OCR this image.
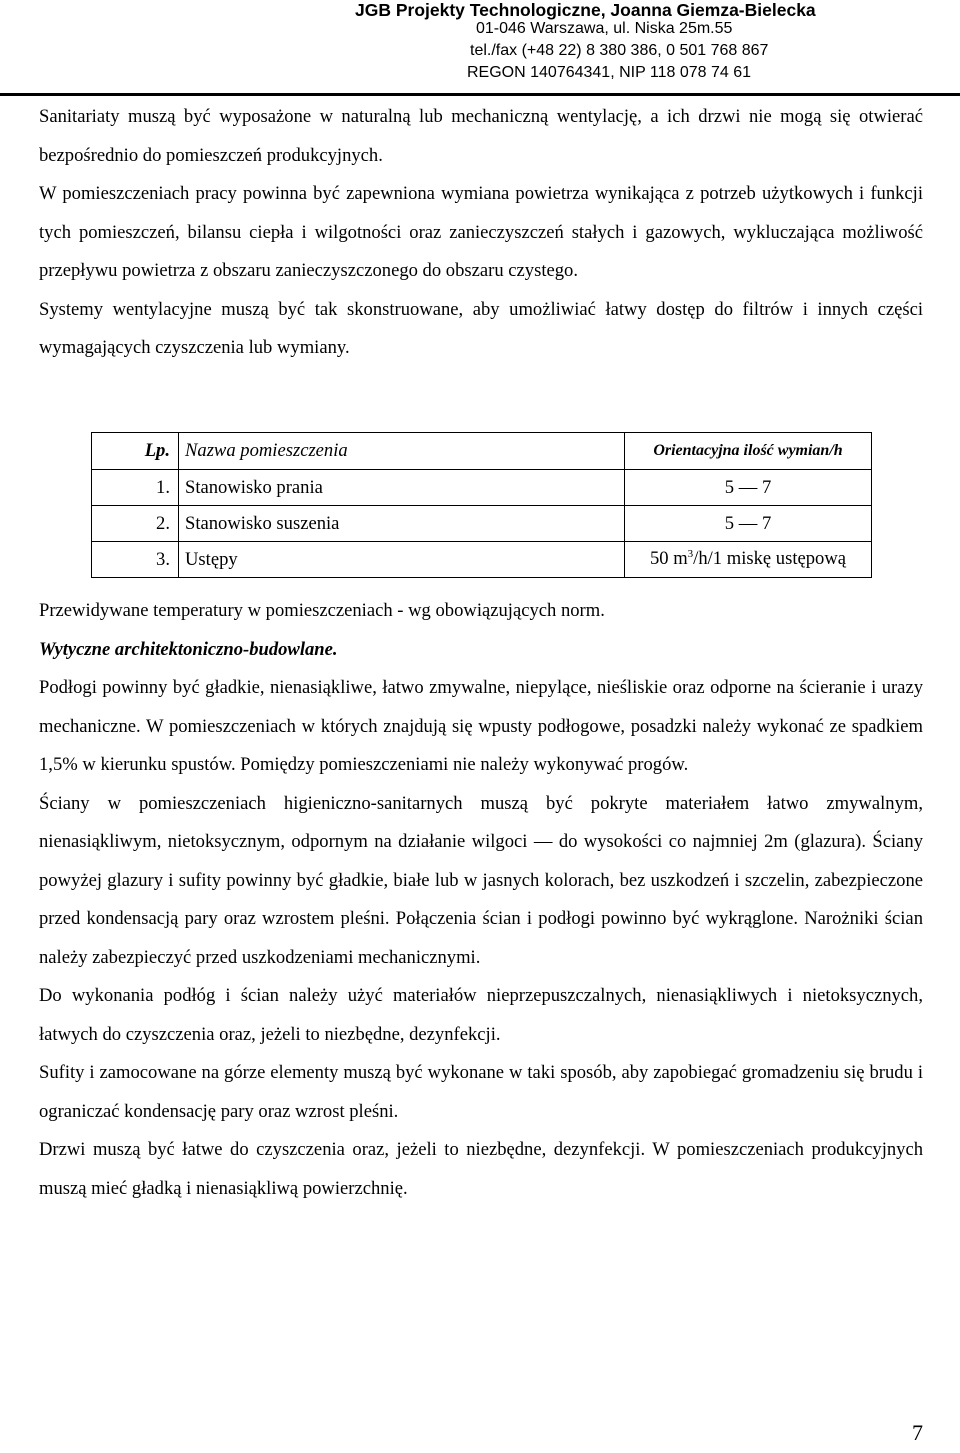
JGB Projekty Technologiczne, Joanna Giemza-Bielecka
01-046 Warszawa, ul. Niska 25m.55
tel./fax (+48 22) 8 380 386, 0 501 768 867
REGON 140764341, NIP 118 078 74 61

Sanitariaty muszą być wyposażone w naturalną lub mechaniczną wentylację, a ich drzwi nie mogą się otwierać bezpośrednio do pomieszczeń produkcyjnych.

W pomieszczeniach pracy powinna być zapewniona wymiana powietrza wynikająca z potrzeb użytkowych i funkcji tych pomieszczeń, bilansu ciepła i wilgotności oraz zanieczyszczeń stałych i gazowych, wykluczająca możliwość przepływu powietrza z obszaru zanieczyszczonego do obszaru czystego.

Systemy wentylacyjne muszą być tak skonstruowane, aby umożliwiać łatwy dostęp do filtrów i innych części wymagających czyszczenia lub wymiany.

Lp.	Nazwa pomieszczenia	Orientacyjna ilość wymian/h
1.	Stanowisko prania	5 — 7
2.	Stanowisko suszenia	5 — 7
3.	Ustępy	50 $m^3/h/1$ miskę ustępową

Przewidywane temperatury w pomieszczeniach - wg obowiązujących norm.

Wytyczne architektoniczno-budowlane.

Podłogi powinny być gładkie, nienasiąkliwe, łatwo zmywalne, niepylące, nieśliskie oraz odporne na ścieranie i urazy mechaniczne. W pomieszczeniach w których znajdują się wpusty podłogowe, posadzki należy wykonać ze spadkiem 1,5% w kierunku spustów. Pomiędzy pomieszczeniami nie należy wykonywać progów.

Ściany w pomieszczeniach higieniczno-sanitarnych muszą być pokryte materiałem łatwo zmywalnym, nienasiąkliwym, nietoksycznym, odpornym na działanie wilgoci — do wysokości co najmniej 2m (glazura). Ściany powyżej glazury i sufity powinny być gładkie, białe lub w jasnych kolorach, bez uszkodzeń i szczelin, zabezpieczone przed kondensacją pary oraz wzrostem pleśni. Połączenia ścian i podłogi powinno być wykrąglone. Narożniki ścian należy zabezpieczyć przed uszkodzeniami mechanicznymi.

Do wykonania podłóg i ścian należy użyć materiałów nieprzepuszczalnych, nienasiąkliwych i nietoksycznych, łatwych do czyszczenia oraz, jeżeli to niezbędne, dezynfekcji.

Sufity i zamocowane na górze elementy muszą być wykonane w taki sposób, aby zapobiegać gromadzeniu się brudu i ograniczać kondensację pary oraz wzrost pleśni.

Drzwi muszą być łatwe do czyszczenia oraz, jeżeli to niezbędne, dezynfekcji. W pomieszczeniach produkcyjnych muszą mieć gładką i nienasiąkliwą powierzchnię.

7
